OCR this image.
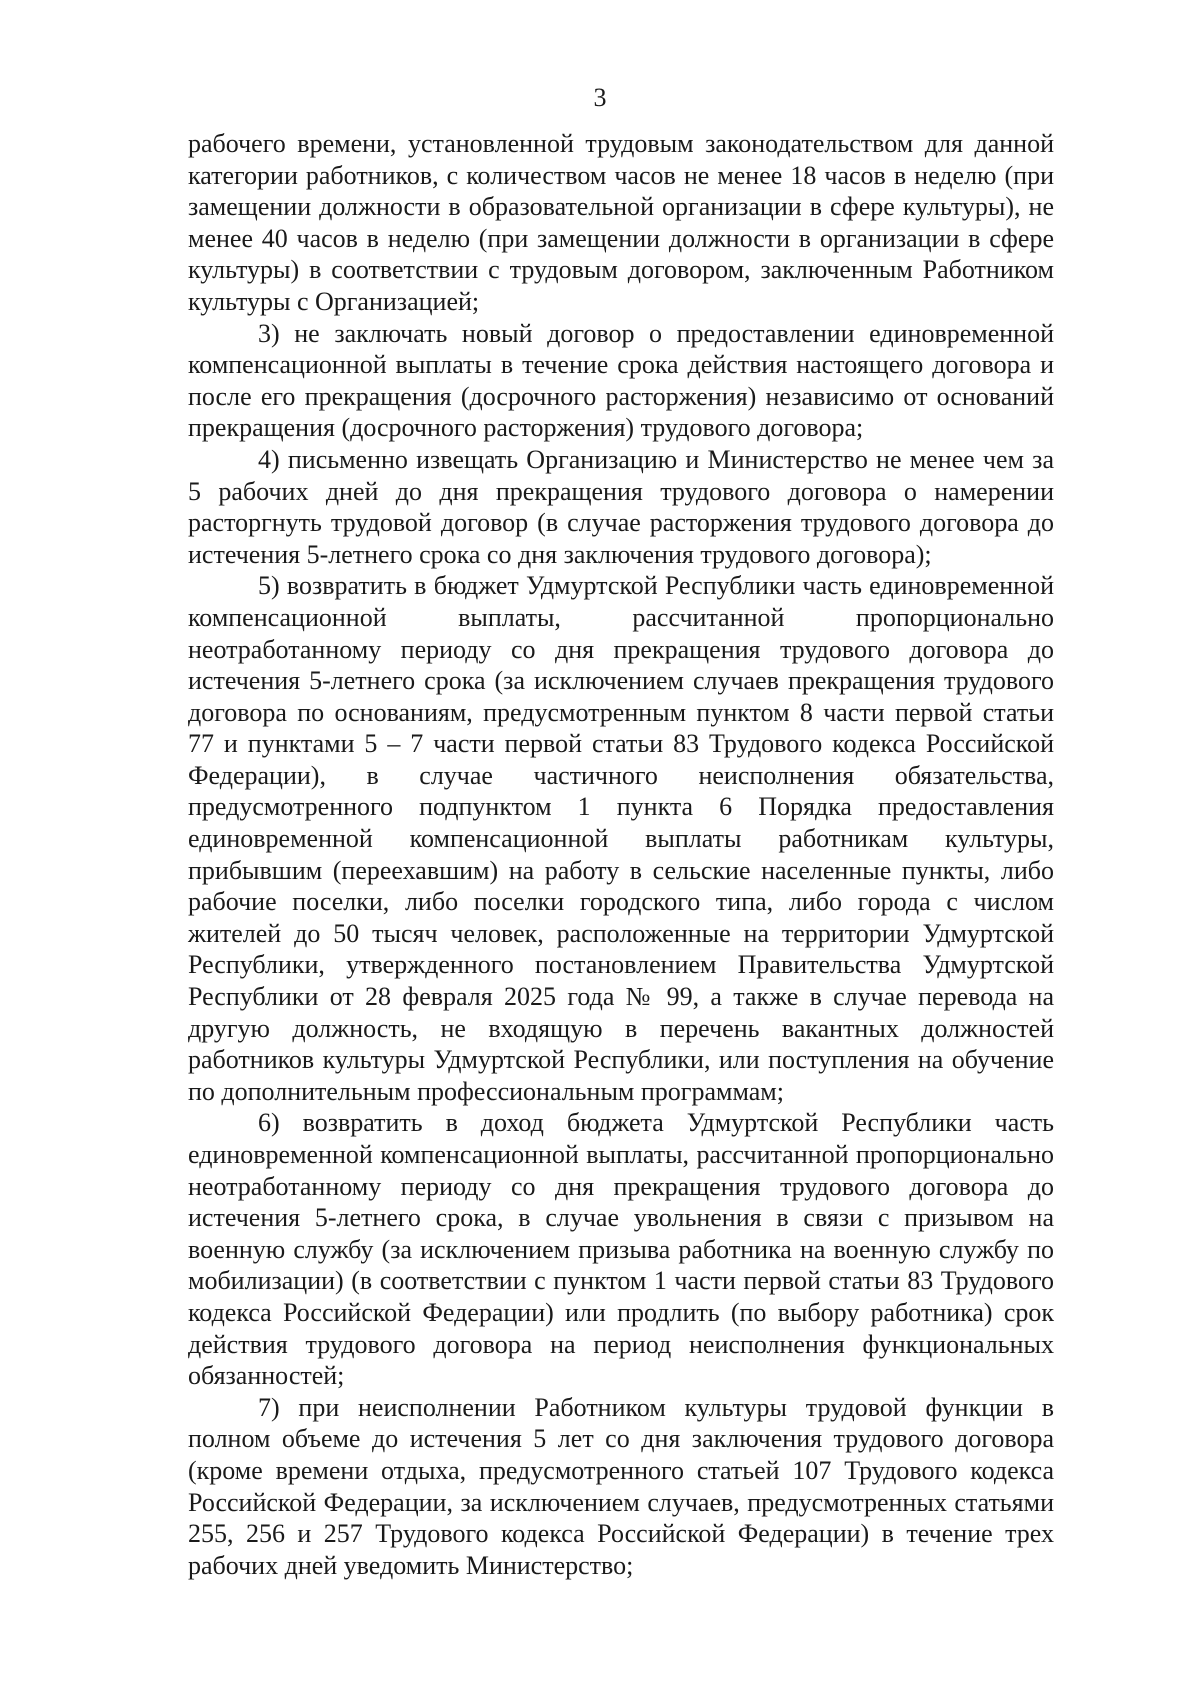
3

рабочего времени, установленной трудовым законодательством для данной категории работников, с количеством часов не менее 18 часов в неделю (при замещении должности в образовательной организации в сфере культуры), не менее 40 часов в неделю (при замещении должности в организации в сфере культуры) в соответствии с трудовым договором, заключенным Работником культуры с Организацией;

3) не заключать новый договор о предоставлении единовременной компенсационной выплаты в течение срока действия настоящего договора и после его прекращения (досрочного расторжения) независимо от оснований прекращения (досрочного расторжения) трудового договора;

4) письменно извещать Организацию и Министерство не менее чем за 5 рабочих дней до дня прекращения трудового договора о намерении расторгнуть трудовой договор (в случае расторжения трудового договора до истечения 5-летнего срока со дня заключения трудового договора);

5) возвратить в бюджет Удмуртской Республики часть единовременной компенсационной выплаты, рассчитанной пропорционально неотработанному периоду со дня прекращения трудового договора до истечения 5-летнего срока (за исключением случаев прекращения трудового договора по основаниям, предусмотренным пунктом 8 части первой статьи 77 и пунктами 5 – 7 части первой статьи 83 Трудового кодекса Российской Федерации), в случае частичного неисполнения обязательства, предусмотренного подпунктом 1 пункта 6 Порядка предоставления единовременной компенсационной выплаты работникам культуры, прибывшим (переехавшим) на работу в сельские населенные пункты, либо рабочие поселки, либо поселки городского типа, либо города с числом жителей до 50 тысяч человек, расположенные на территории Удмуртской Республики, утвержденного постановлением Правительства Удмуртской Республики от 28 февраля 2025 года № 99, а также в случае перевода на другую должность, не входящую в перечень вакантных должностей работников культуры Удмуртской Республики, или поступления на обучение по дополнительным профессиональным программам;

6) возвратить в доход бюджета Удмуртской Республики часть единовременной компенсационной выплаты, рассчитанной пропорционально неотработанному периоду со дня прекращения трудового договора до истечения 5-летнего срока, в случае увольнения в связи с призывом на военную службу (за исключением призыва работника на военную службу по мобилизации) (в соответствии с пунктом 1 части первой статьи 83 Трудового кодекса Российской Федерации) или продлить (по выбору работника) срок действия трудового договора на период неисполнения функциональных обязанностей;

7) при неисполнении Работником культуры трудовой функции в полном объеме до истечения 5 лет со дня заключения трудового договора (кроме времени отдыха, предусмотренного статьей 107 Трудового кодекса Российской Федерации, за исключением случаев, предусмотренных статьями 255, 256 и 257 Трудового кодекса Российской Федерации) в течение трех рабочих дней уведомить Министерство;
